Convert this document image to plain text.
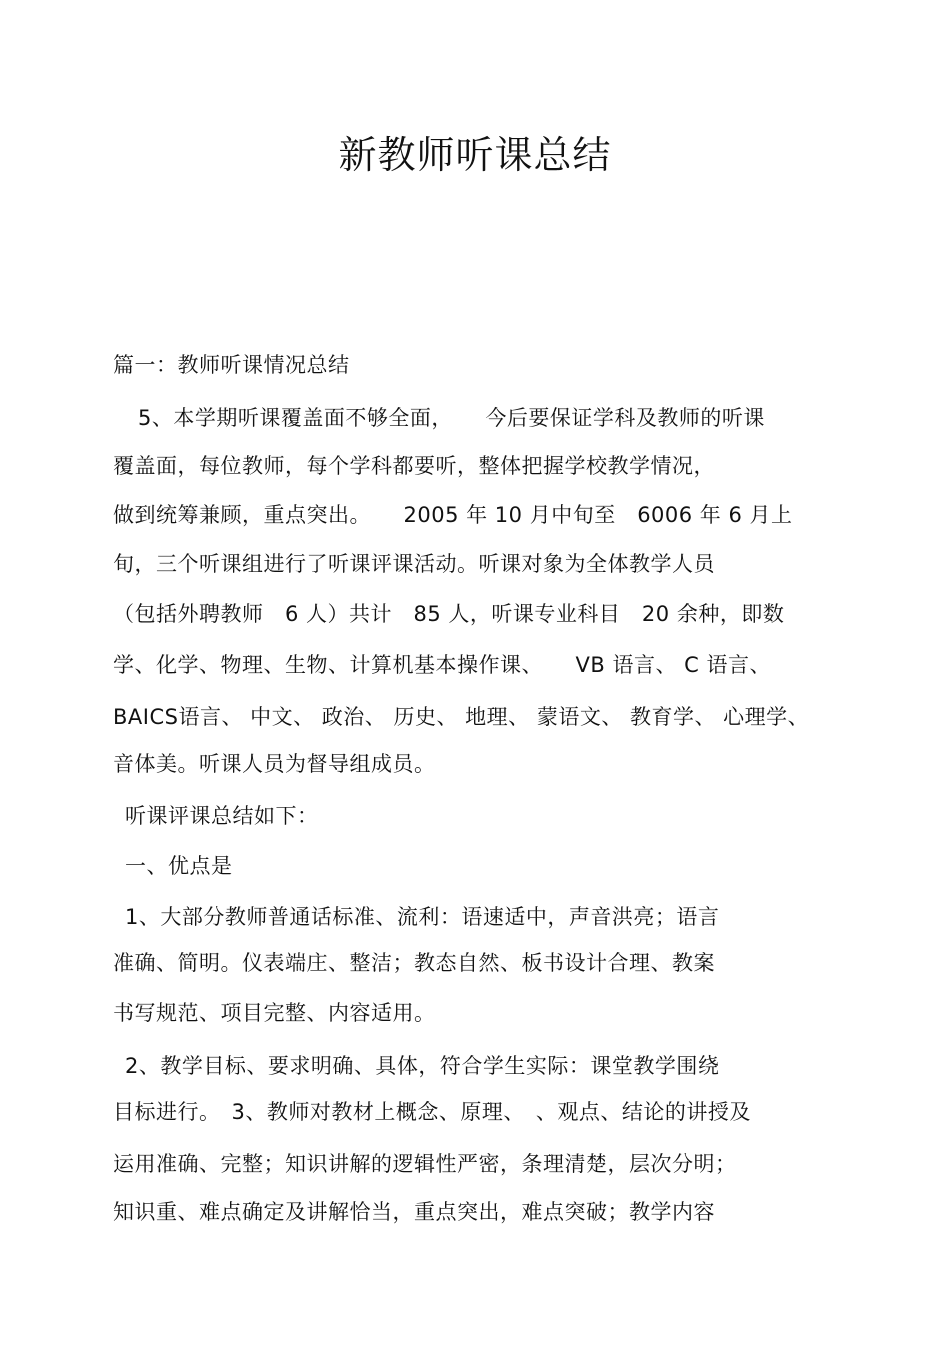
新教师听课总结
篇一：教师听课情况总结
5、本学期听课覆盖面不够全面，　　今后要保证学科及教师的听课
覆盖面，每位教师，每个学科都要听，整体把握学校教学情况，
做到统筹兼顾，重点突出。　　2005 年 10 月中旬至　6006 年 6 月上
旬，三个听课组进行了听课评课活动。听课对象为全体教学人员
（包括外聘教师　6 人）共计　85 人，听课专业科目　20 余种，即数
学、化学、物理、生物、计算机基本操作课、　　VB 语言、 C 语言、
BAICS语言、 中文、 政治、 历史、 地理、 蒙语文、 教育学、 心理学、
音体美。听课人员为督导组成员。
听课评课总结如下：
一、优点是
1、大部分教师普通话标准、流利：语速适中，声音洪亮；语言
准确、简明。仪表端庄、整洁；教态自然、板书设计合理、教案
书写规范、项目完整、内容适用。
2、教学目标、要求明确、具体，符合学生实际：课堂教学围绕
目标进行。　3、教师对教材上概念、原理、　、观点、结论的讲授及
运用准确、完整；知识讲解的逻辑性严密，条理清楚，层次分明；
知识重、难点确定及讲解恰当，重点突出，难点突破；教学内容
